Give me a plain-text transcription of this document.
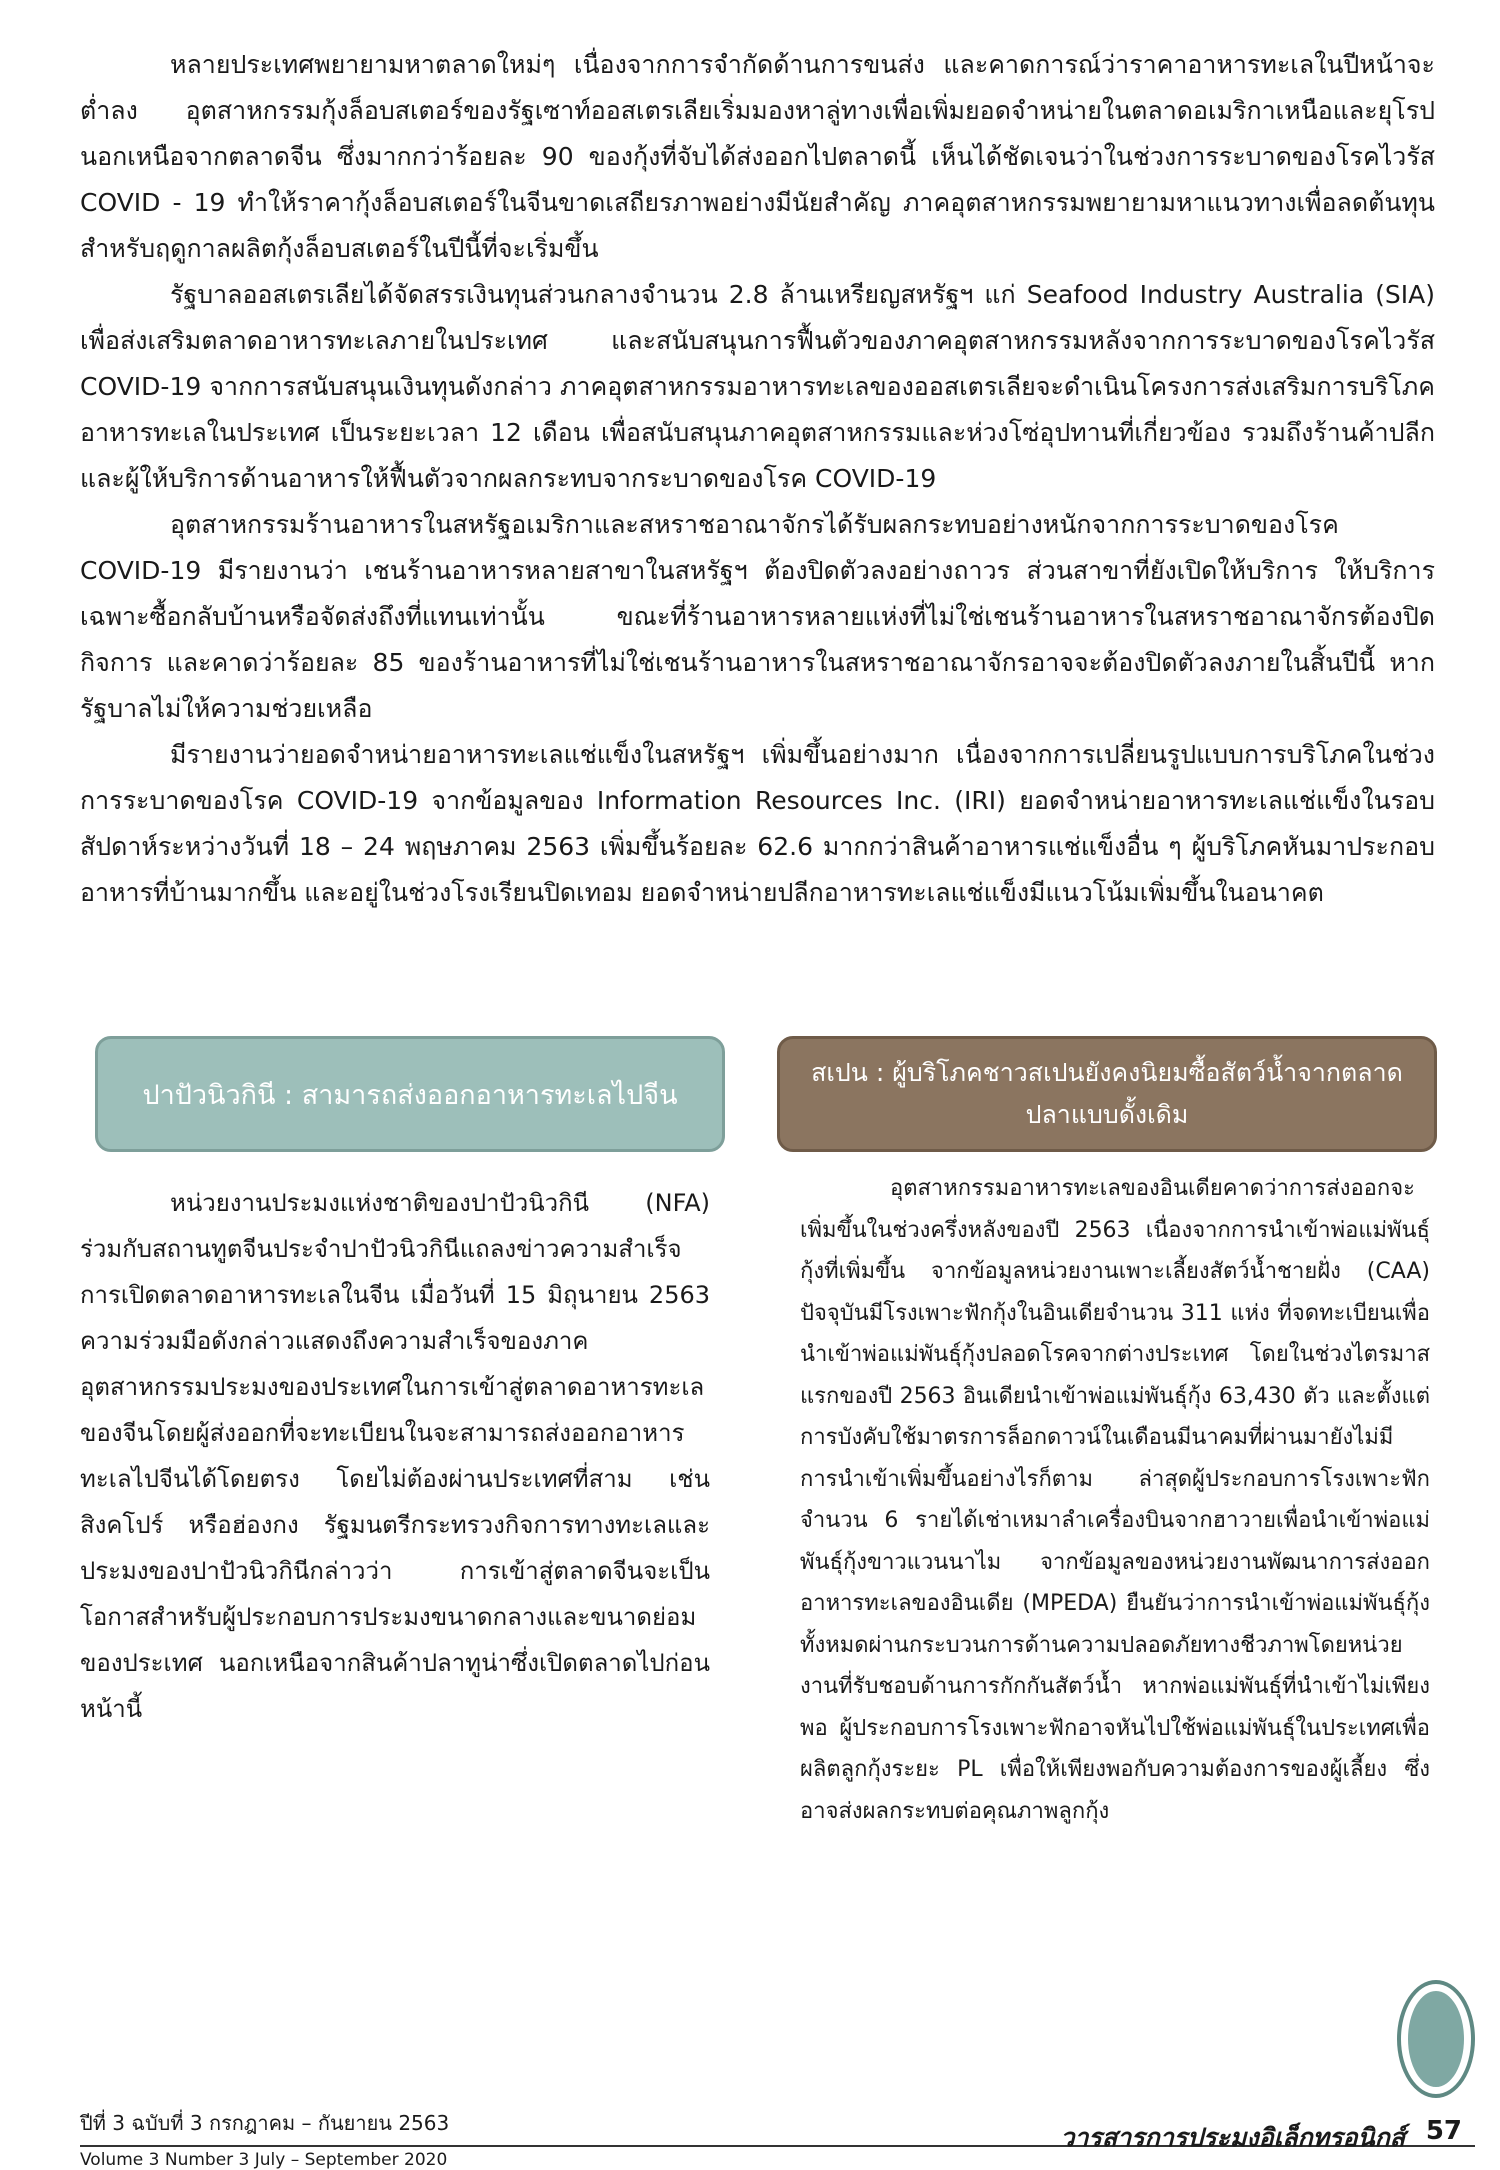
หลายประเทศพยายามหาตลาดใหม่ๆ เนื่องจากการจำกัดด้านการขนส่ง และคาดการณ์ว่าราคาอาหารทะเลในปีหน้าจะต่ำลง อุตสาหกรรมกุ้งล็อบสเตอร์ของรัฐเซาท์ออสเตรเลียเริ่มมองหาลู่ทางเพื่อเพิ่มยอดจำหน่ายในตลาดอเมริกาเหนือและยุโรป นอกเหนือจากตลาดจีน ซึ่งมากกว่าร้อยละ 90 ของกุ้งที่จับได้ส่งออกไปตลาดนี้ เห็นได้ชัดเจนว่าในช่วงการระบาดของโรคไวรัส COVID - 19 ทำให้ราคากุ้งล็อบสเตอร์ในจีนขาดเสถียรภาพอย่างมีนัยสำคัญ ภาคอุตสาหกรรมพยายามหาแนวทางเพื่อลดต้นทุนสำหรับฤดูกาลผลิตกุ้งล็อบสเตอร์ในปีนี้ที่จะเริ่มขึ้น

รัฐบาลออสเตรเลียได้จัดสรรเงินทุนส่วนกลางจำนวน 2.8 ล้านเหรียญสหรัฐฯ แก่ Seafood Industry Australia (SIA) เพื่อส่งเสริมตลาดอาหารทะเลภายในประเทศ และสนับสนุนการฟื้นตัวของภาคอุตสาหกรรมหลังจากการระบาดของโรคไวรัส COVID-19 จากการสนับสนุนเงินทุนดังกล่าว ภาคอุตสาหกรรมอาหารทะเลของออสเตรเลียจะดำเนินโครงการส่งเสริมการบริโภคอาหารทะเลในประเทศ เป็นระยะเวลา 12 เดือน เพื่อสนับสนุนภาคอุตสาหกรรมและห่วงโซ่อุปทานที่เกี่ยวข้อง รวมถึงร้านค้าปลีกและผู้ให้บริการด้านอาหารให้ฟื้นตัวจากผลกระทบจากระบาดของโรค COVID-19

อุตสาหกรรมร้านอาหารในสหรัฐอเมริกาและสหราชอาณาจักรได้รับผลกระทบอย่างหนักจากการระบาดของโรค COVID-19 มีรายงานว่า เชนร้านอาหารหลายสาขาในสหรัฐฯ ต้องปิดตัวลงอย่างถาวร ส่วนสาขาที่ยังเปิดให้บริการ ให้บริการเฉพาะซื้อกลับบ้านหรือจัดส่งถึงที่แทนเท่านั้น ขณะที่ร้านอาหารหลายแห่งที่ไม่ใช่เชนร้านอาหารในสหราชอาณาจักรต้องปิดกิจการ และคาดว่าร้อยละ 85 ของร้านอาหารที่ไม่ใช่เชนร้านอาหารในสหราชอาณาจักรอาจจะต้องปิดตัวลงภายในสิ้นปีนี้ หากรัฐบาลไม่ให้ความช่วยเหลือ

มีรายงานว่ายอดจำหน่ายอาหารทะเลแช่แข็งในสหรัฐฯ เพิ่มขึ้นอย่างมาก เนื่องจากการเปลี่ยนรูปแบบการบริโภคในช่วงการระบาดของโรค COVID-19 จากข้อมูลของ Information Resources Inc. (IRI) ยอดจำหน่ายอาหารทะเลแช่แข็งในรอบสัปดาห์ระหว่างวันที่ 18 – 24 พฤษภาคม 2563 เพิ่มขึ้นร้อยละ 62.6 มากกว่าสินค้าอาหารแช่แข็งอื่น ๆ ผู้บริโภคหันมาประกอบอาหารที่บ้านมากขึ้น และอยู่ในช่วงโรงเรียนปิดเทอม ยอดจำหน่ายปลีกอาหารทะเลแช่แข็งมีแนวโน้มเพิ่มขึ้นในอนาคต

ปาปัวนิวกินี : สามารถส่งออกอาหารทะเลไปจีน
สเปน : ผู้บริโภคชาวสเปนยังคงนิยมซื้อสัตว์น้ำจากตลาดปลาแบบดั้งเดิม

หน่วยงานประมงแห่งชาติของปาปัวนิวกินี (NFA) ร่วมกับสถานทูตจีนประจำปาปัวนิวกินีแถลงข่าวความสำเร็จการเปิดตลาดอาหารทะเลในจีน เมื่อวันที่ 15 มิถุนายน 2563 ความร่วมมือดังกล่าวแสดงถึงความสำเร็จของภาคอุตสาหกรรมประมงของประเทศในการเข้าสู่ตลาดอาหารทะเลของจีนโดยผู้ส่งออกที่จะทะเบียนในจะสามารถส่งออกอาหารทะเลไปจีนได้โดยตรง โดยไม่ต้องผ่านประเทศที่สาม เช่น สิงคโปร์ หรือฮ่องกง รัฐมนตรีกระทรวงกิจการทางทะเลและประมงของปาปัวนิวกินีกล่าวว่า การเข้าสู่ตลาดจีนจะเป็นโอกาสสำหรับผู้ประกอบการประมงขนาดกลางและขนาดย่อมของประเทศ นอกเหนือจากสินค้าปลาทูน่าซึ่งเปิดตลาดไปก่อนหน้านี้

อุตสาหกรรมอาหารทะเลของอินเดียคาดว่าการส่งออกจะเพิ่มขึ้นในช่วงครึ่งหลังของปี 2563 เนื่องจากการนำเข้าพ่อแม่พันธุ์กุ้งที่เพิ่มขึ้น จากข้อมูลหน่วยงานเพาะเลี้ยงสัตว์น้ำชายฝั่ง (CAA) ปัจจุบันมีโรงเพาะฟักกุ้งในอินเดียจำนวน 311 แห่ง ที่จดทะเบียนเพื่อนำเข้าพ่อแม่พันธุ์กุ้งปลอดโรคจากต่างประเทศ โดยในช่วงไตรมาสแรกของปี 2563 อินเดียนำเข้าพ่อแม่พันธุ์กุ้ง 63,430 ตัว และตั้งแต่การบังคับใช้มาตรการล็อกดาวน์ในเดือนมีนาคมที่ผ่านมายังไม่มีการนำเข้าเพิ่มขึ้นอย่างไรก็ตาม ล่าสุดผู้ประกอบการโรงเพาะฟักจำนวน 6 รายได้เช่าเหมาลำเครื่องบินจากฮาวายเพื่อนำเข้าพ่อแม่พันธุ์กุ้งขาวแวนนาไม จากข้อมูลของหน่วยงานพัฒนาการส่งออกอาหารทะเลของอินเดีย (MPEDA) ยืนยันว่าการนำเข้าพ่อแม่พันธุ์กุ้งทั้งหมดผ่านกระบวนการด้านความปลอดภัยทางชีวภาพโดยหน่วยงานที่รับชอบด้านการกักกันสัตว์น้ำ หากพ่อแม่พันธุ์ที่นำเข้าไม่เพียงพอ ผู้ประกอบการโรงเพาะฟักอาจหันไปใช้พ่อแม่พันธุ์ในประเทศเพื่อผลิตลูกกุ้งระยะ PL เพื่อให้เพียงพอกับความต้องการของผู้เลี้ยง ซึ่งอาจส่งผลกระทบต่อคุณภาพลูกกุ้ง

ปีที่ 3 ฉบับที่ 3 กรกฎาคม – กันยายน 2563
Volume 3 Number 3 July – September 2020
วารสารการประมงอิเล็กทรอนิกส์ 57
